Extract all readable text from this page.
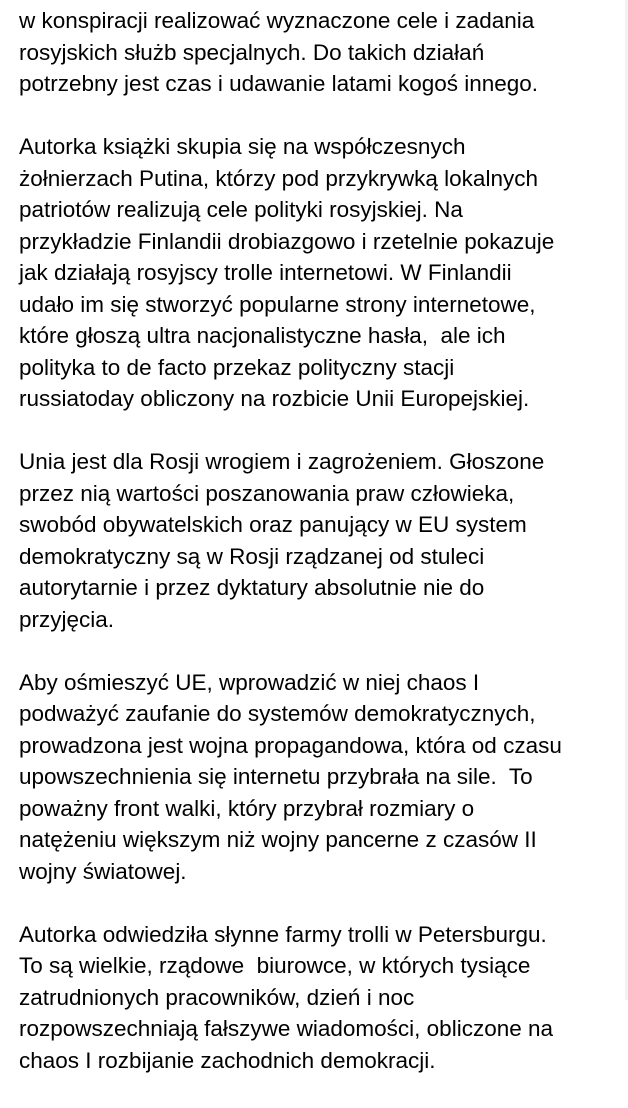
w konspiracji realizować wyznaczone cele i zadania
rosyjskich służb specjalnych. Do takich działań
potrzebny jest czas i udawanie latami kogoś innego.
Autorka książki skupia się na współczesnych
żołnierzach Putina, którzy pod przykrywką lokalnych
patriotów realizują cele polityki rosyjskiej. Na
przykładzie Finlandii drobiazgowo i rzetelnie pokazuje
jak działają rosyjscy trolle internetowi. W Finlandii
udało im się stworzyć popularne strony internetowe,
które głoszą ultra nacjonalistyczne hasła,  ale ich
polityka to de facto przekaz polityczny stacji
russiatoday obliczony na rozbicie Unii Europejskiej.
Unia jest dla Rosji wrogiem i zagrożeniem. Głoszone
przez nią wartości poszanowania praw człowieka,
swobód obywatelskich oraz panujący w EU system
demokratyczny są w Rosji rządzanej od stuleci
autorytarnie i przez dyktatury absolutnie nie do
przyjęcia.
Aby ośmieszyć UE, wprowadzić w niej chaos I
podważyć zaufanie do systemów demokratycznych,
prowadzona jest wojna propagandowa, która od czasu
upowszechnienia się internetu przybrała na sile.  To
poważny front walki, który przybrał rozmiary o
natężeniu większym niż wojny pancerne z czasów II
wojny światowej.
Autorka odwiedziła słynne farmy trolli w Petersburgu.
To są wielkie, rządowe  biurowce, w których tysiące
zatrudnionych pracowników, dzień i noc
rozpowszechniają fałszywe wiadomości, obliczone na
chaos I rozbijanie zachodnich demokracji.
